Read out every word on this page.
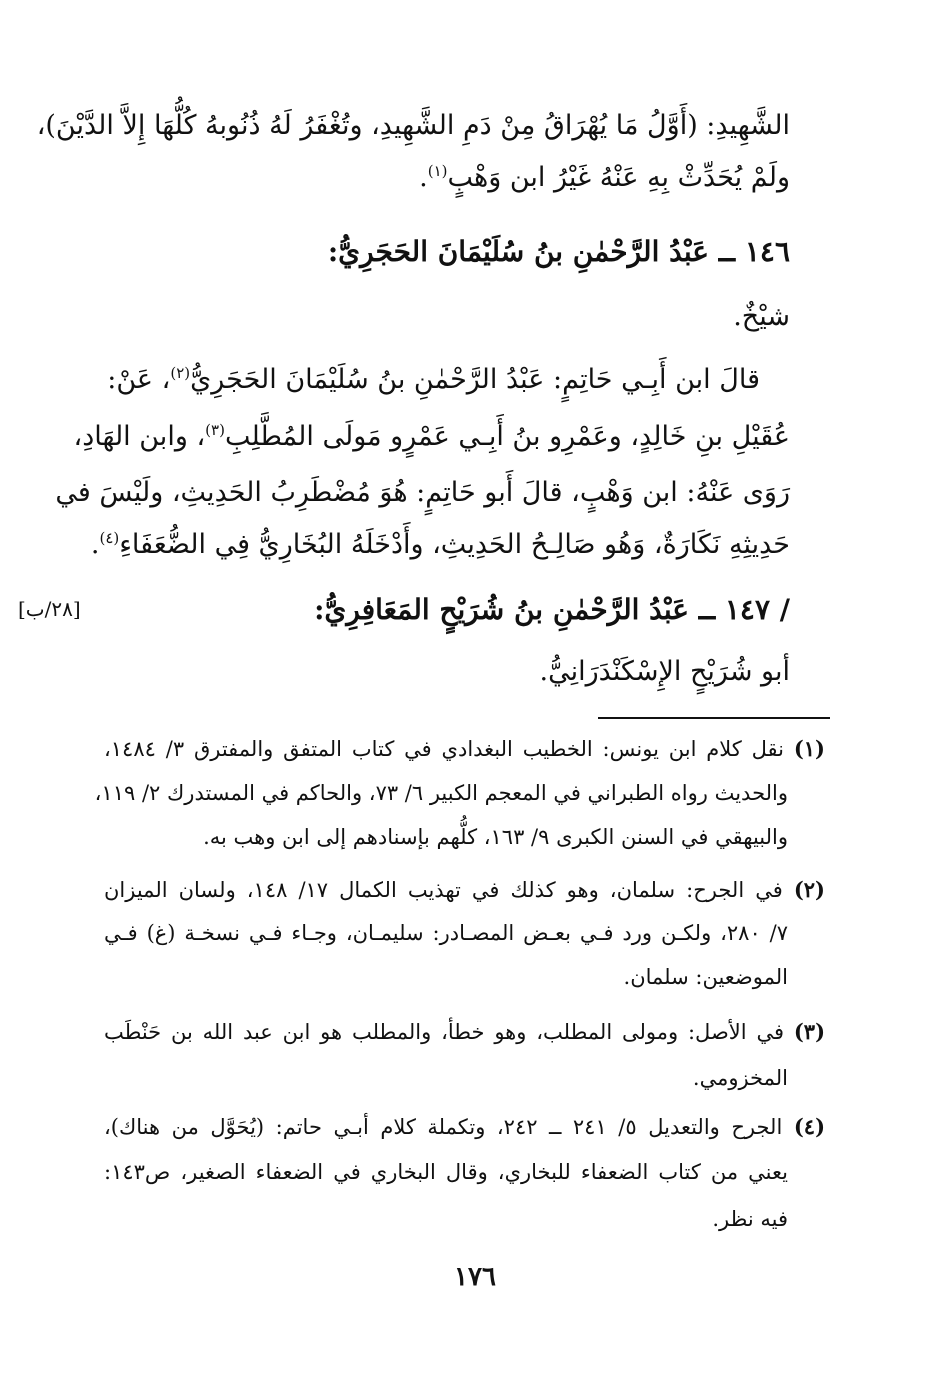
الشَّهِيدِ: (أَوَّلُ مَا يُهْرَاقُ مِنْ دَمِ الشَّهِيدِ، وتُغْفَرُ لَهُ ذُنُوبهُ كُلُّهَا إِلاَّ الدَّيْنَ)،
ولَمْ يُحَدِّثْ بِهِ عَنْهُ غَيْرُ ابن وَهْبٍ$^{(١)}$.
١٤٦ ــ عَبْدُ الرَّحْمٰنِ بنُ سُلَيْمَانَ الحَجَرِيُّ:
شيْخٌ.
قالَ ابن أَبِـي حَاتِمٍ: عَبْدُ الرَّحْمٰنِ بنُ سُلَيْمَانَ الحَجَرِيُّ$^{(٢)}$، عَنْ:
عُقَيْلِ بنِ خَالِدٍ، وعَمْرِو بنُ أَبِـي عَمْرٍو مَولَى المُطَّلِبِ$^{(٣)}$، وابن الهَادِ،
رَوَى عَنْهُ: ابن وَهْبٍ، قالَ أَبو حَاتِمٍ: هُوَ مُضْطَرِبُ الحَدِيثِ، ولَيْسَ في
حَدِيثِهِ نَكَارَةٌ، وَهُو صَالِـحُ الحَدِيثِ، وأَدْخَلَهُ البُخَارِيُّ فِي الضُّعَفَاءِ$^{(٤)}$.
[٢٨/ب]	/ ١٤٧ ــ عَبْدُ الرَّحْمٰنِ بنُ شُرَيْحٍ المَعَافِرِيُّ:
أبو شُرَيْحٍ الإِسْكَنْدَرَانِيُّ.
(١) نقل كلام ابن يونس: الخطيب البغدادي في كتاب المتفق والمفترق ٣/ ١٤٨٤،
والحديث رواه الطبراني في المعجم الكبير ٦/ ٧٣، والحاكم في المستدرك ٢/ ١١٩،
والبيهقي في السنن الكبرى ٩/ ١٦٣، كلُّهم بإسنادهم إلى ابن وهب به.
(٢) في الجرح: سلمان، وهو كذلك في تهذيب الكمال ١٧/ ١٤٨، ولسان الميزان
٧/ ٢٨٠، ولكـن ورد فـي بعـض المصـادر: سليمـان، وجـاء فـي نسخـة (غ) فـي
الموضعين: سلمان.
(٣) في الأصل: ومولى المطلب، وهو خطأ، والمطلب هو ابن عبد الله بن حَنْطَب
المخزومي.
(٤) الجرح والتعديل ٥/ ٢٤١ ــ ٢٤٢، وتكملة كلام أبـي حاتم: (يُحَوَّل من هناك)،
يعني من كتاب الضعفاء للبخاري، وقال البخاري في الضعفاء الصغير، ص١٤٣:
فيه نظر.
١٧٦
